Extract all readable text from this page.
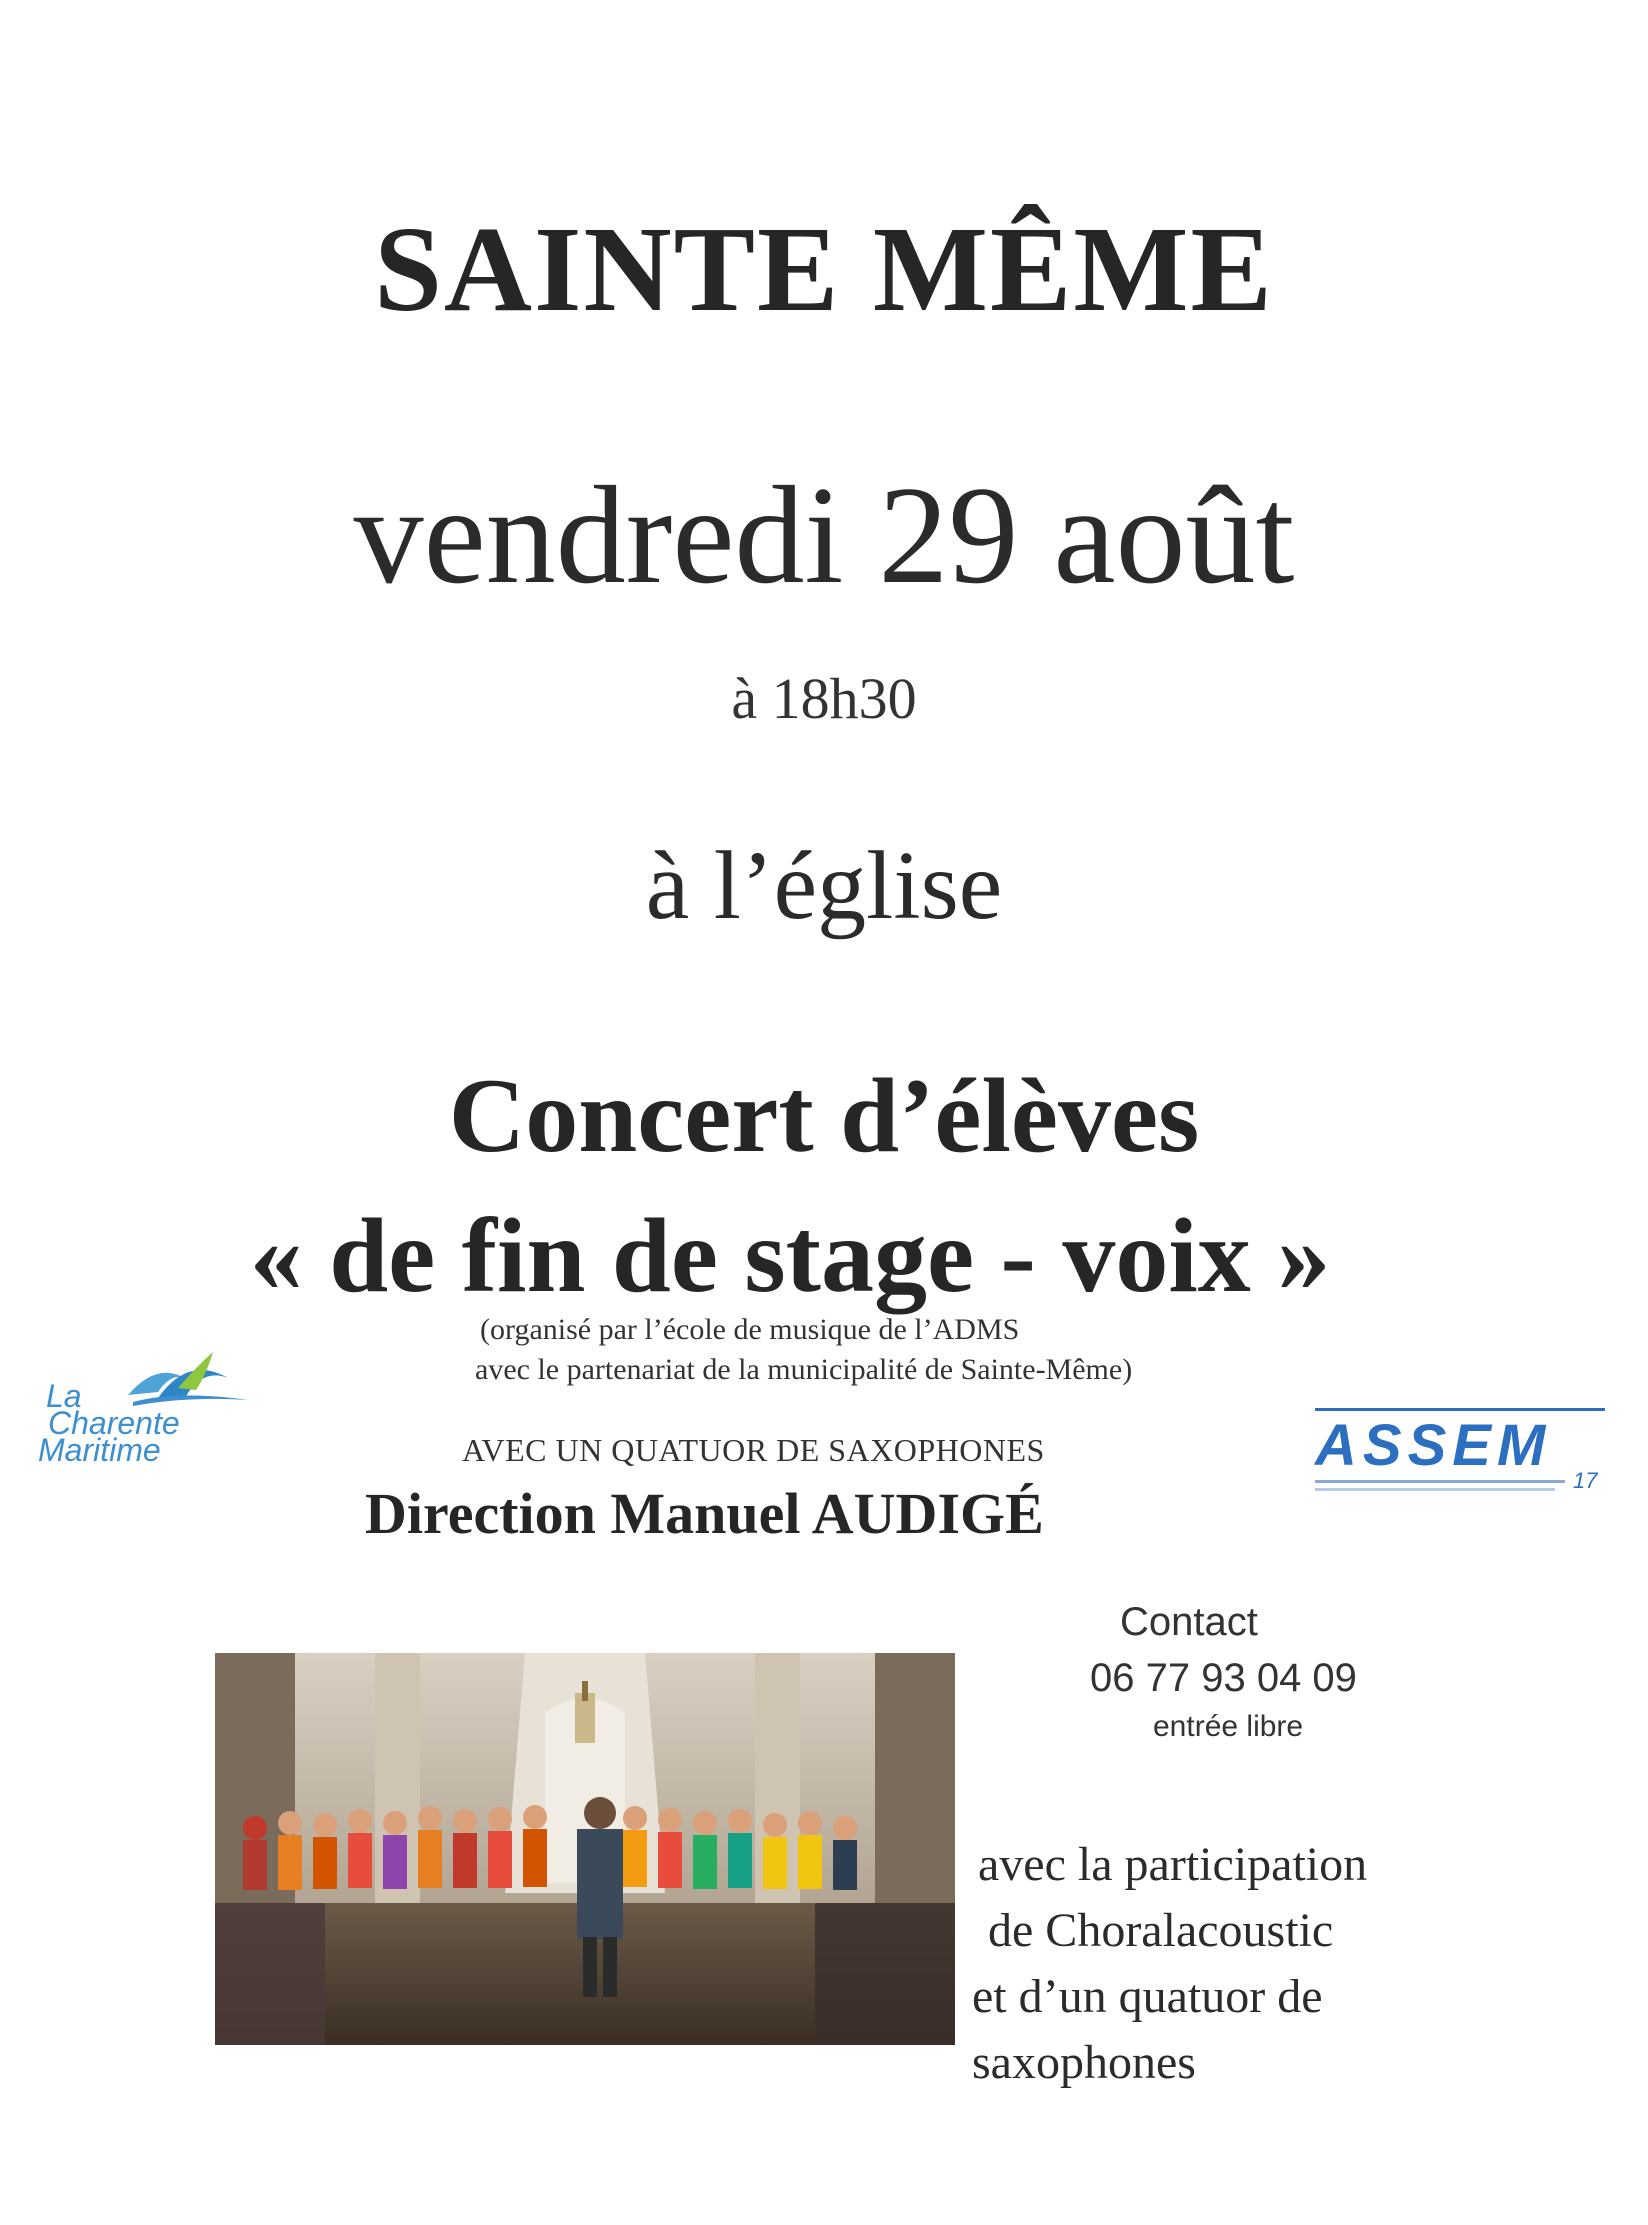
SAINTE MÊME
vendredi 29 août
à 18h30
à l’église
Concert d’élèves
« de fin de stage - voix »
(organisé par l’école de musique de l’ADMS
avec le partenariat de la municipalité de Sainte-Même)
AVEC UN QUATUOR DE SAXOPHONES
Direction Manuel AUDIGÉ
La
Charente
Maritime	ASSEM
17
Contact
06 77 93 04 09
entrée libre
avec la participation
de Choralacoustic
et d’un quatuor de
saxophones
